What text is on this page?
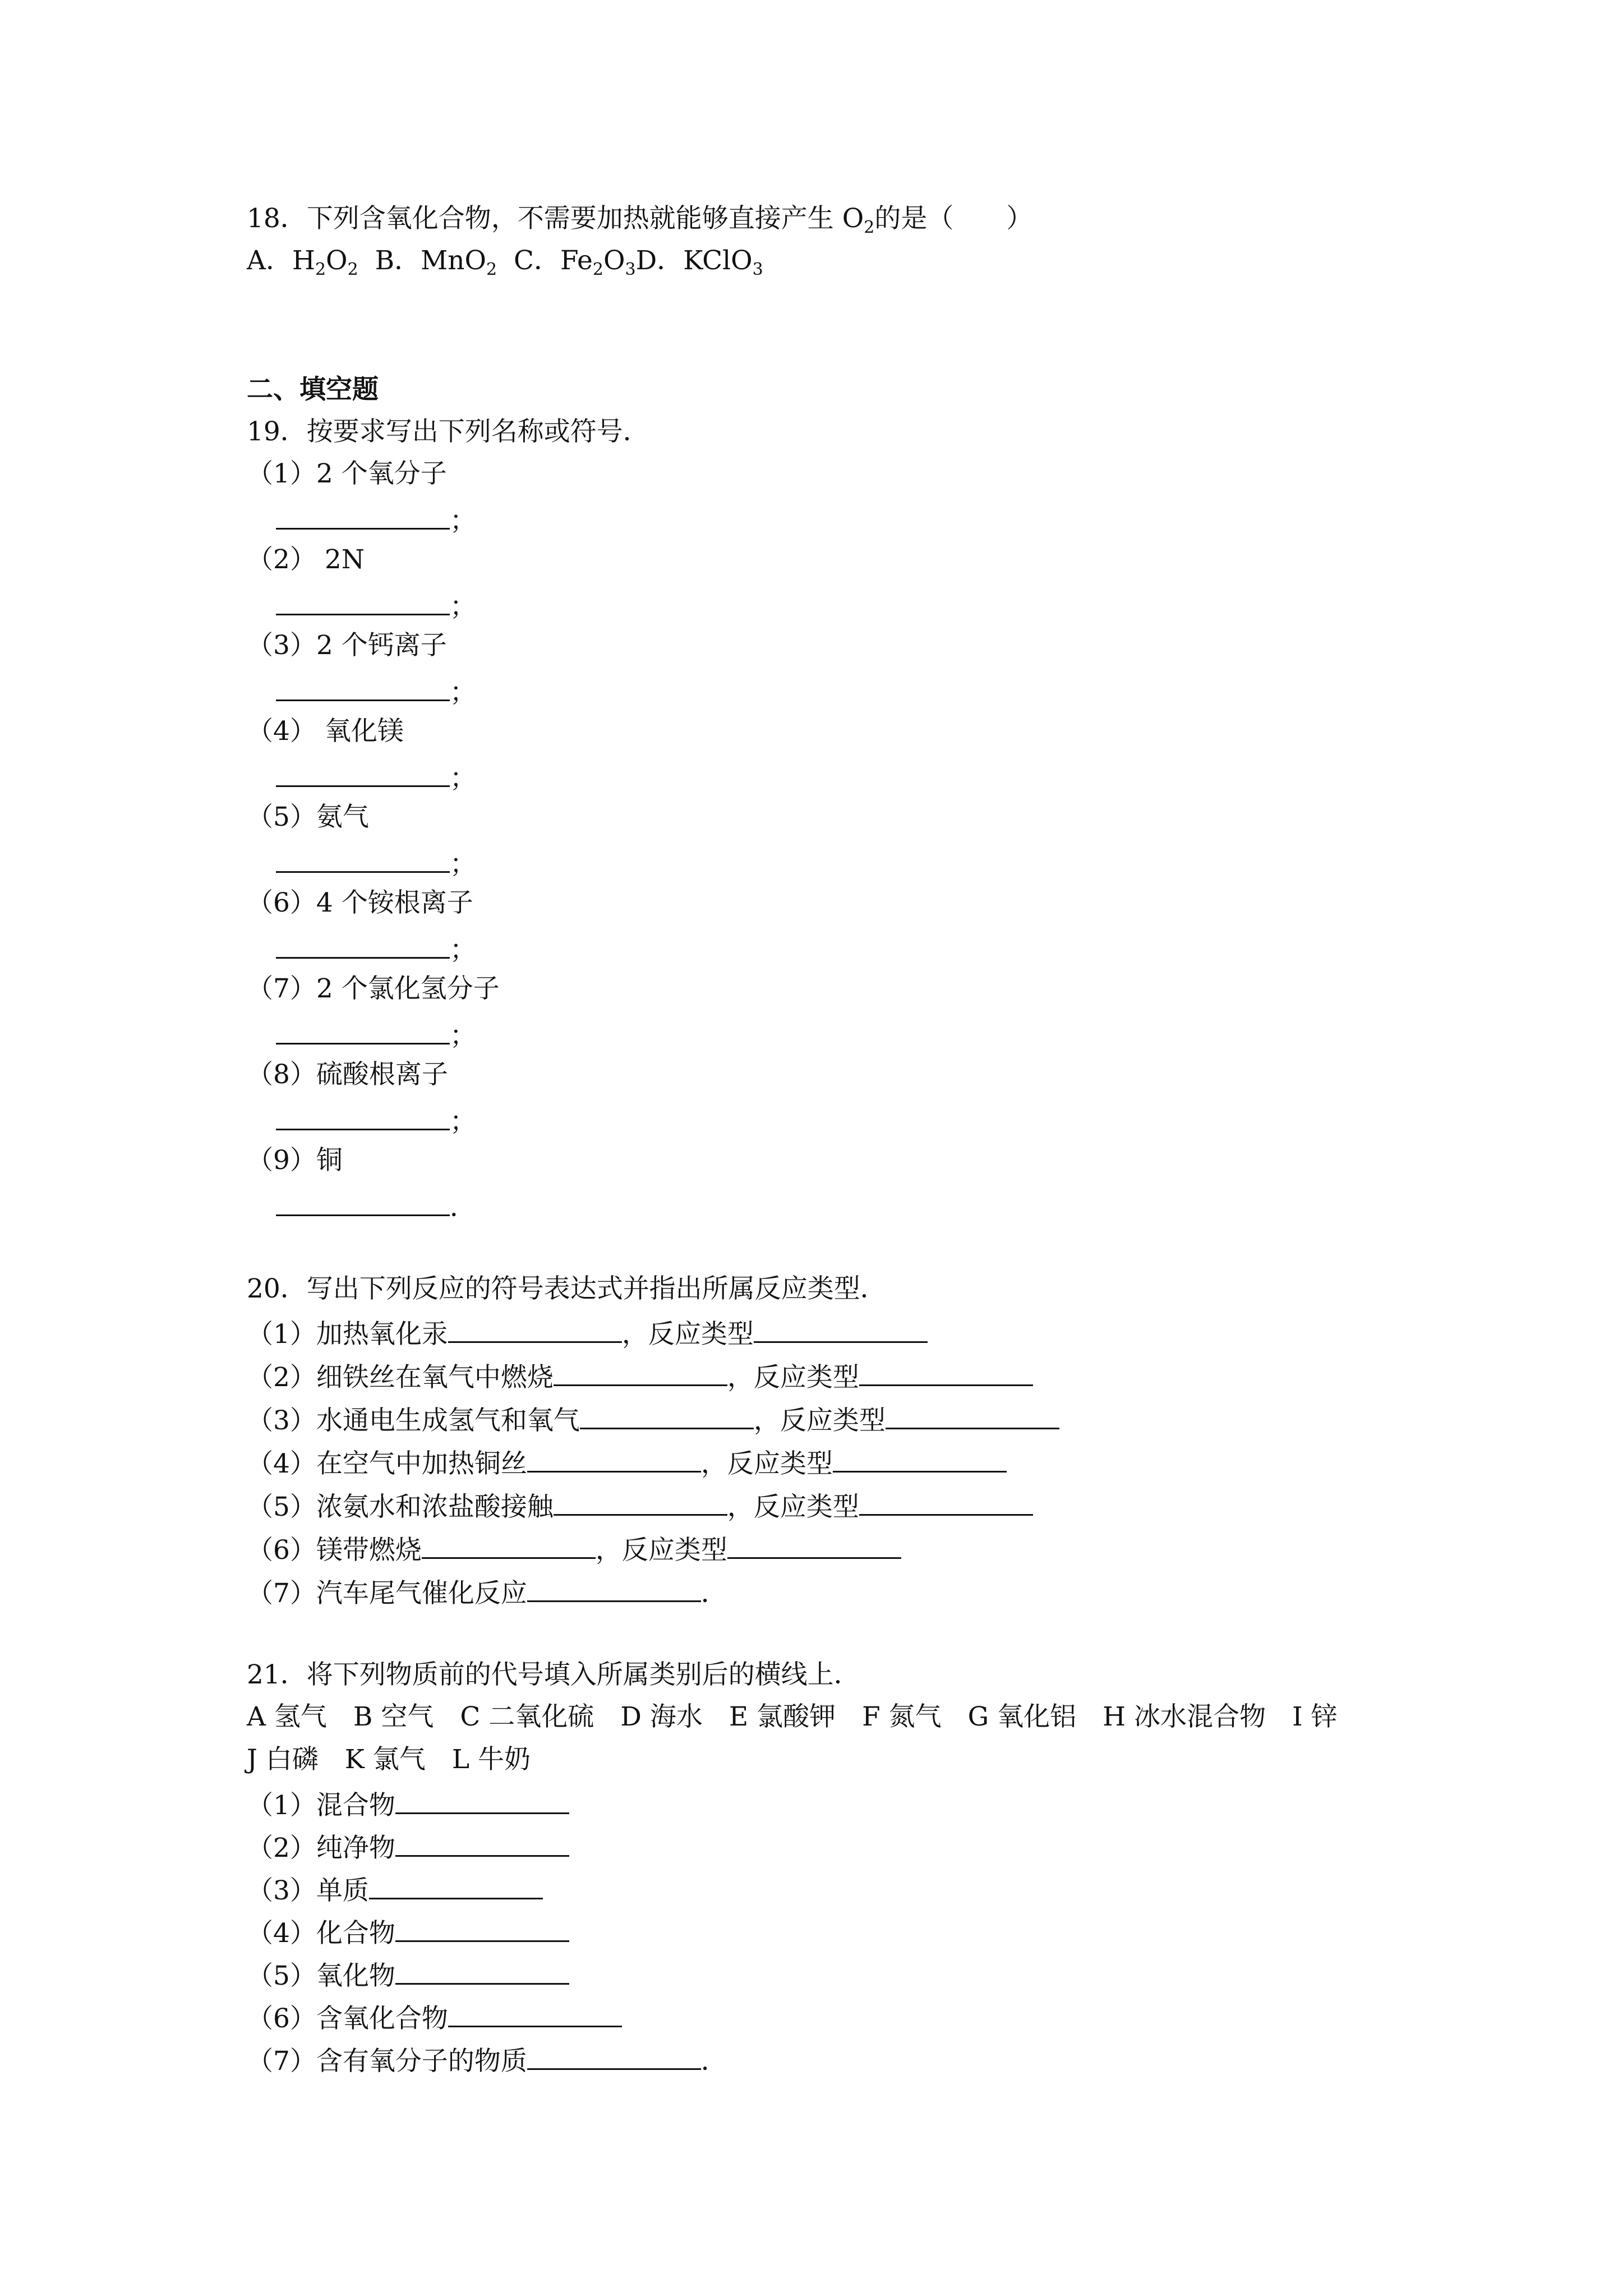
18．下列含氧化合物，不需要加热就能够直接产生 $O_2$的是（　　）
A．$H_2O_2$ B．MnO$_2$ C．$Fe_2O_3D$．KClO$_3$
二、填空题
19．按要求写出下列名称或符号．
（1）2 个氧分子
；
（2） 2N
；
（3）2 个钙离子
；
（4） 氧化镁
；
（5）氨气
；
（6）4 个铵根离子
；
（7）2 个氯化氢分子
；
（8）硫酸根离子
；
（9）铜
．
20．写出下列反应的符号表达式并指出所属反应类型．
（1）加热氧化汞	，反应类型
（2）细铁丝在氧气中燃烧	，反应类型
（3）水通电生成氢气和氧气	，反应类型
（4）在空气中加热铜丝	，反应类型
（5）浓氨水和浓盐酸接触	，反应类型
（6）镁带燃烧	，反应类型
（7）汽车尾气催化反应	．
21．将下列物质前的代号填入所属类别后的横线上．
A 氢气　B 空气　C 二氧化硫　D 海水　E 氯酸钾　F 氮气　G 氧化铝　H 冰水混合物　I 锌
J 白磷　K 氯气　L 牛奶
（1）混合物
（2）纯净物
（3）单质
（4）化合物
（5）氧化物
（6）含氧化合物
（7）含有氧分子的物质	．
